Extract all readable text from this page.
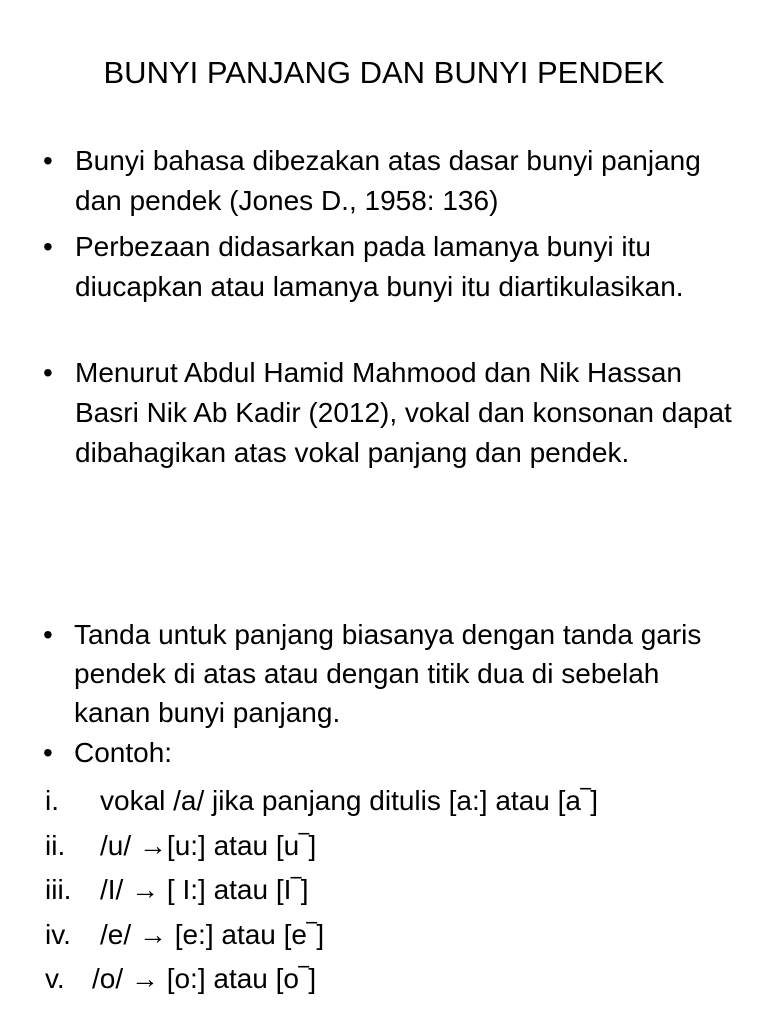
BUNYI PANJANG DAN BUNYI PENDEK
• Bunyi bahasa dibezakan atas dasar bunyi panjang dan pendek (Jones D., 1958: 136)
• Perbezaan didasarkan pada lamanya bunyi itu diucapkan atau lamanya bunyi itu diartikulasikan.
• Menurut Abdul Hamid Mahmood dan Nik Hassan Basri Nik Ab Kadir (2012), vokal dan konsonan dapat dibahagikan atas vokal panjang dan pendek.
• Tanda untuk panjang biasanya dengan tanda garis pendek di atas atau dengan titik dua di sebelah kanan bunyi panjang.
• Contoh:
i. vokal /a/ jika panjang ditulis [a:] atau [a‾]
ii. /u/ →[u:] atau [u‾]
iii. /I/ → [ I:] atau [I‾]
iv. /e/ → [e:] atau [e‾]
v. /o/ → [o:] atau [o‾]
